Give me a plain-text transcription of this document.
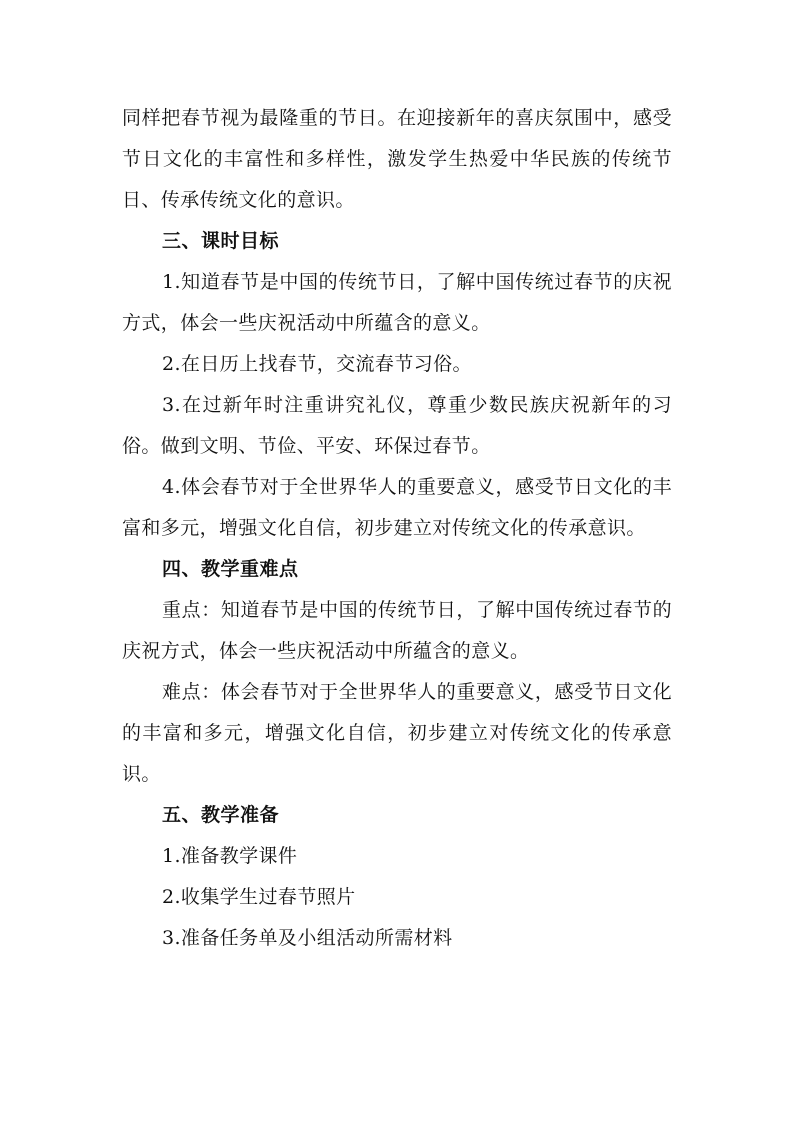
同样把春节视为最隆重的节日。在迎接新年的喜庆氛围中，感受节日文化的丰富性和多样性，激发学生热爱中华民族的传统节日、传承传统文化的意识。

三、课时目标

1.知道春节是中国的传统节日，了解中国传统过春节的庆祝方式，体会一些庆祝活动中所蕴含的意义。

2.在日历上找春节，交流春节习俗。

3.在过新年时注重讲究礼仪，尊重少数民族庆祝新年的习俗。做到文明、节俭、平安、环保过春节。

4.体会春节对于全世界华人的重要意义，感受节日文化的丰富和多元，增强文化自信，初步建立对传统文化的传承意识。

四、教学重难点

重点：知道春节是中国的传统节日，了解中国传统过春节的庆祝方式，体会一些庆祝活动中所蕴含的意义。

难点：体会春节对于全世界华人的重要意义，感受节日文化的丰富和多元，增强文化自信，初步建立对传统文化的传承意识。

五、教学准备

1.准备教学课件

2.收集学生过春节照片

3.准备任务单及小组活动所需材料
